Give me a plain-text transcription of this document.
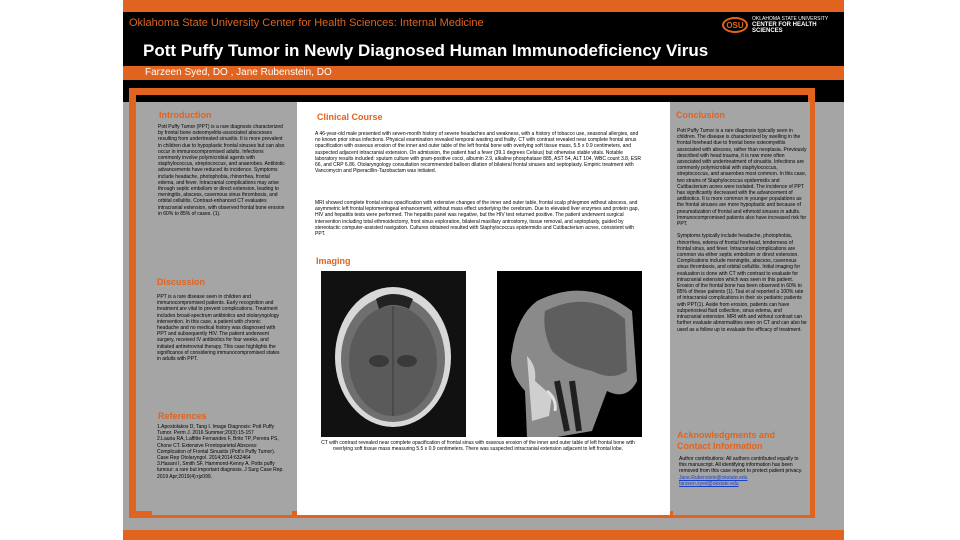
Oklahoma State University Center for Health Sciences: Internal Medicine	OSU
OKLAHOMA STATE UNIVERSITY
CENTER FOR HEALTH SCIENCES
Pott Puffy Tumor in Newly Diagnosed Human Immunodeficiency Virus
Farzeen Syed, DO , Jane Rubenstein, DO
Introduction
Pott Puffy Tumor (PPT) is a rare diagnosis characterized by frontal bone osteomyelitis-associated abscesses resulting from undertreated sinusitis. It is more prevalent in children due to hypoplastic frontal sinuses but can also occur in immunocompromised adults. Infections commonly involve polymicrobial agents with staphylococcus, streptococcus, and anaerobes. Antibiotic advancements have reduced its incidence. Symptoms include headache, photophobia, rhinorrhea, frontal edema, and fever. Intracranial complications may arise through septic embolism or direct extension, leading to meningitis, abscess, cavernous sinus thrombosis, and orbital cellulitis. Contrast-enhanced CT evaluates intracranial extension, with observed frontal bone erosion in 60% to 85% of cases. (1).
Discussion
PPT is a rare disease seen in children and immunocompromised patients. Early recognition and treatment are vital to prevent complications. Treatment includes broad-spectrum antibiotics and otolaryngology intervention. In this case, a patient with chronic headache and no medical history was diagnosed with PPT and subsequently HIV. The patient underwent surgery, received IV antibiotics for four weeks, and initiated antiretroviral therapy. This case highlights the significance of considering immunocompromised states in adults with PPT.
References
1.Apostolakos D, Tang I. Image Diagnosis: Pott Puffy Tumor. Perm J. 2016 Summer;20(3):15-157
2.Lauria RA, Laffitte Fernandes F, Brito TP, Pereira PS, Chone CT. Extensive Frontoparietal Abscess: Complication of Frontal Sinusitis (Pott's Puffy Tumor). Case Rep Otolaryngol. 2014;2014:632464
3.Hasani I, Smith SF, Hammond-Kenny A. Potts puffy tumour: a rare but important diagnosis. J Surg Case Rep. 2019 Apr;2019(4):rjz099.
Clinical Course
A 46-year-old male presented with seven-month history of severe headaches and weakness, with a history of tobacco use, seasonal allergies, and no known prior sinus infections. Physical examination revealed temporal wasting and frailty. CT with contrast revealed near complete frontal sinus opacification with osseous erosion of the inner and outer table of the left frontal bone with overlying soft tissue mass, 5.5 x 0.9 centimeters, and suspected adjacent intracranial extension. On admission, the patient had a fever (39.1 degrees Celsius) but otherwise stable vitals. Notable laboratory results included: sputum culture with gram-positive cocci, albumin 2.9, alkaline phosphatase 885, AST 54, ALT 104, WBC count 3.8, ESR 66, and CRP 6.86. Otolaryngology consultation recommended balloon dilation of bilateral frontal sinuses and septoplasty. Empiric treatment with Vancomycin and Piperacillin-Tazobactam was initiated.
MRI showed complete frontal sinus opacification with extensive changes of the inner and outer table, frontal scalp phlegmon without abscess, and asymmetric left frontal leptomeningeal enhancement, without mass effect underlying the cerebrum. Due to elevated liver enzymes and protein gap, HIV and hepatitis tests were performed. The hepatitis panel was negative, but the HIV test returned positive. The patient underwent surgical intervention including total ethmoidectomy, front sinus exploration, bilateral maxillary antrostomy, tissue removal, and septoplasty, guided by stereotactic computer-assisted navigation. Cultures obtained resulted with Staphylococcus epidermidis and Cutibacterium acnes, consistent with PPT.
Imaging
CT with contrast revealed near complete opacification of frontal sinus with osseous erosion of the inner and outer table of left frontal bone with overlying soft tissue mass measuring 5.5 x 0.9 centimeters. There was suspected intracranial extension adjacent to left frontal lobe.
Conclusion
Pott Puffy Tumor is a rare diagnosis typically seen in children. The disease is characterized by swelling in the frontal forehead due to frontal bone osteomyelitis associated with abscess, rather than neoplasia. Previously described with head trauma, it is now more often associated with undertreatment of sinusitis. Infections are commonly polymicrobial with staphylococcus, streptococcus, and anaerobes most common. In this case, two strains of Staphylococcus epidermidis and Cutibacterium acnes were isolated. The incidence of PPT has significantly decreased with the advancement of antibiotics. It is more common in younger populations as the frontal sinuses are more hypoplastic and because of pneumatization of frontal and ethmoid sinuses in adults. Immunocompromised patients also have increased risk for PPT.

Symptoms typically include headache, photophobia, rhinorrhea, edema of frontal forehead, tenderness of frontal sinus, and fever. Intracranial complications are common via either septic embolism or direct extension. Complications include meningitis, abscess, cavernous sinus thrombosis, and orbital cellulitis. Initial imaging for evaluation is done with CT with contrast to evaluate for intracranial extension which was seen in this patient. Erosion of the frontal bone has been observed in 60% to 85% of these patients (1). Tsai et al reported a 100% rate of intracranial complications in their six pediatric patients with PPT(1). Aside from erosion, patients can have subperiosteal fluid collection, sinus edema, and intracranial extension. MRI with and without contrast can further evaluate abnormalities seen on CT and can also be used as a follow up to evaluate the efficacy of treatment.
Acknowledgments and Contact Information
Author contributions: All authors contributed equally to this manuscript. All identifying information has been removed from this case report to protect patient privacy.
Jane.Rubenstein@okstate.edu
farzeen.syed@okstate.edu
